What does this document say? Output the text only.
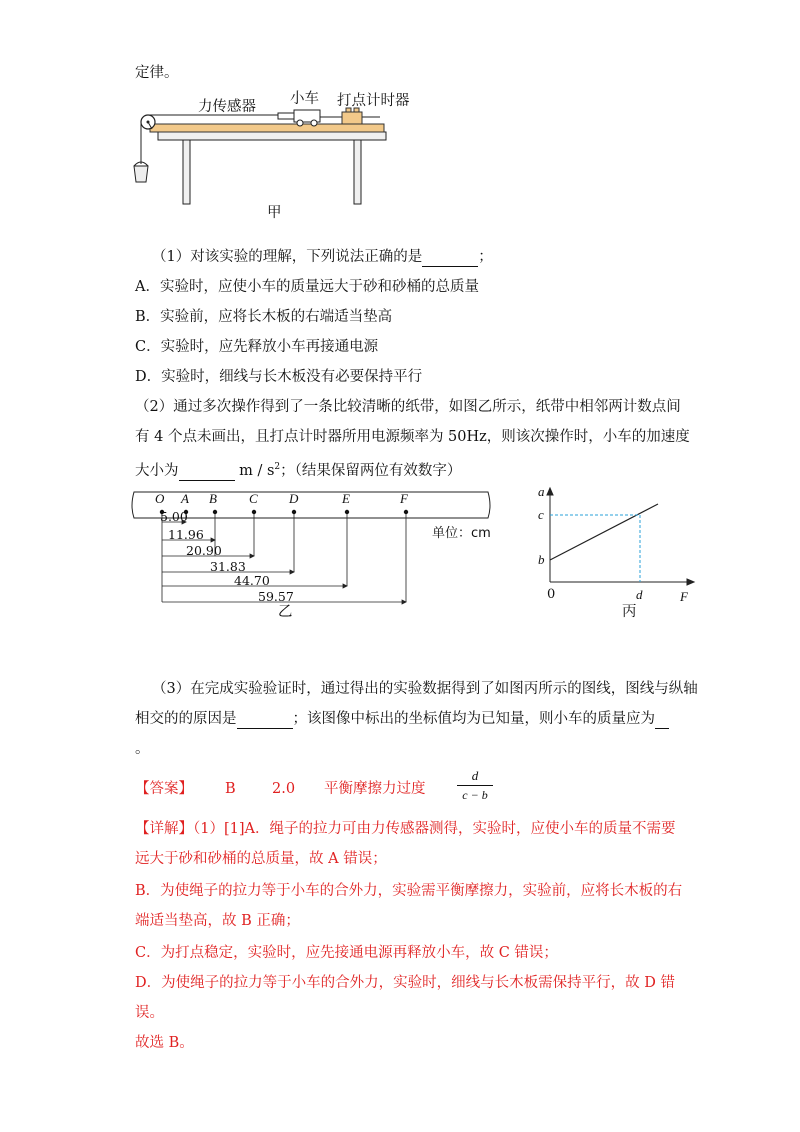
定律。
力传感器 小车 打点计时器
甲
（1）对该实验的理解，下列说法正确的是	；
A．实验时，应使小车的质量远大于砂和砂桶的总质量
B．实验前，应将长木板的右端适当垫高
C．实验时，应先释放小车再接通电源
D．实验时，细线与长木板没有必要保持平行
（2）通过多次操作得到了一条比较清晰的纸带，如图乙所示，纸带中相邻两计数点间
有 4 个点未画出，且打点计时器所用电源频率为 50Hz，则该次操作时，小车的加速度
大小为	m / $s^2$；（结果保留两位有效数字）
O A B C D	E	F
5.00
11.96
20.90
31.83
44.70
59.57
单位：cm
乙
a
c
b
0	d	F
丙
（3）在完成实验验证时，通过得出的实验数据得到了如图丙所示的图线，图线与纵轴
相交的的原因是	；该图像中标出的坐标值均为已知量，则小车的质量应为
。
【答案】 B	2.0 平衡摩擦力过度
d
c − b
【详解】（1）[1]A．绳子的拉力可由力传感器测得，实验时，应使小车的质量不需要
远大于砂和砂桶的总质量，故 A 错误；
B．为使绳子的拉力等于小车的合外力，实验需平衡摩擦力，实验前，应将长木板的右
端适当垫高，故 B 正确；
C．为打点稳定，实验时，应先接通电源再释放小车，故 C 错误；
D．为使绳子的拉力等于小车的合外力，实验时，细线与长木板需保持平行，故 D 错
误。
故选 B。
